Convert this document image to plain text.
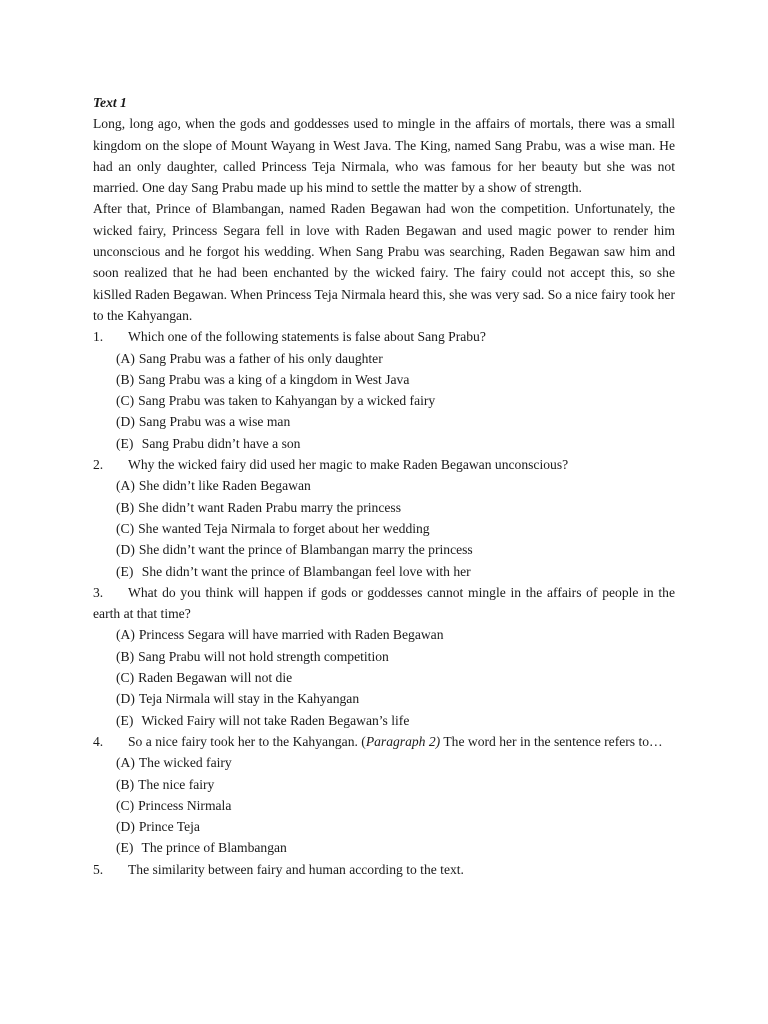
Text 1

Long, long ago, when the gods and goddesses used to mingle in the affairs of mortals, there was a small kingdom on the slope of Mount Wayang in West Java. The King, named Sang Prabu, was a wise man. He had an only daughter, called Princess Teja Nirmala, who was famous for her beauty but she was not married. One day Sang Prabu made up his mind to settle the matter by a show of strength.

After that, Prince of Blambangan, named Raden Begawan had won the competition. Unfortunately, the wicked fairy, Princess Segara fell in love with Raden Begawan and used magic power to render him unconscious and he forgot his wedding. When Sang Prabu was searching, Raden Begawan saw him and soon realized that he had been enchanted by the wicked fairy. The fairy could not accept this, so she kiSlled Raden Begawan. When Princess Teja Nirmala heard this, she was very sad. So a nice fairy took her to the Kahyangan.

1. Which one of the following statements is false about Sang Prabu?

(A) Sang Prabu was a father of his only daughter

(B) Sang Prabu was a king of a kingdom in West Java

(C) Sang Prabu was taken to Kahyangan by a wicked fairy

(D) Sang Prabu was a wise man

(E) Sang Prabu didn’t have a son

2. Why the wicked fairy did used her magic to make Raden Begawan unconscious?

(A) She didn’t like Raden Begawan

(B) She didn’t want Raden Prabu marry the princess

(C) She wanted Teja Nirmala to forget about her wedding

(D) She didn’t want the prince of Blambangan marry the princess

(E) She didn’t want the prince of Blambangan feel love with her

3. What do you think will happen if gods or goddesses cannot mingle in the affairs of people in the earth at that time?

(A) Princess Segara will have married with Raden Begawan

(B) Sang Prabu will not hold strength competition

(C) Raden Begawan will not die

(D) Teja Nirmala will stay in the Kahyangan

(E) Wicked Fairy will not take Raden Begawan’s life

4. So a nice fairy took her to the Kahyangan. (Paragraph 2) The word her in the sentence refers to…

(A) The wicked fairy

(B) The nice fairy

(C) Princess Nirmala

(D) Prince Teja

(E) The prince of Blambangan

5. The similarity between fairy and human according to the text.
